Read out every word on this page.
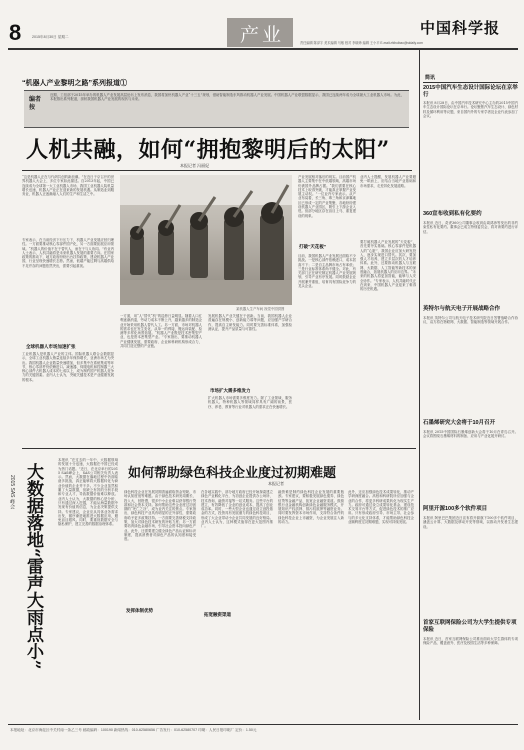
8	2015年8月30日 星期二	产业	中国科学报
责任编辑 陈泽宇 美术编辑 马敏 校对 李晓珍 编辑 王小平 E-mail:zhihuibao@stdaily.com
“机器人产业黎明之路”系列报道①
编者按
近期，工信部于2015年举办的机器人产业发展高层论坛上发布消息，我国将加快机器人产业“十三五”规划，借助智能制造东风推动机器人产业发展。中国机器人产业联盟数据显示，我国已连续两年成为全球最大工业机器人市场。为此，本报推出系列报道，剖析我国机器人产业发展的现状与未来。
人机共融，如何“拥抱黎明后的太阳”
本报记者 冯丽妃
“这是机器人正在与代码共创的新浪潮。”在近日于京召开的世界机器人大会上，多位专家如此描述。自2013年起，中国已连续成为全球第一大工业机器人市场，我国工业机器人装机量增长迅速，机器人产业正在迎来新的发展机遇。从制造业到服务业，机器人正逐渐融入人们的生产和生活之中。
专家表示，在当前经济下行压力下，机器人产业发展应回归理性。一方面要推动核心零部件国产化，另一方面要拓展应用领域。“机器人的价值不在于替代人，而在于与人协同。”有业内人士表示，人机共融将是未来机器人发展的重要方向。在国家政策的推动下，地方政府纷纷出台扶持政策，建设机器人产业园，行业呈现快速增长态势。然而，低端产能过剩与高端供给不足并存的问题依然突出，需要引起重视。
全球机器人市场加速扩张
工业机器人是机器人产业的主体。国际机器人联合会数据显示，全球工业机器人销量连续多年保持增长，亚洲市场尤为突出。我国机器人企业数量快速增加，但多集中在系统集成等环节，核心零部件仍依赖进口。减速器、伺服电机和控制器三大核心部件占机器人成本的七成以上，成为制约国产机器人竞争力的关键因素。业内人士认为，突破关键技术是产业健康发展的根本。
某机器人生产车间 视觉中国供图
一方面，用“人”替代“机”的趋势日益明显。随着人口红利逐渐消退，劳动力成本不断上升，越来越多的制造企业开始采用机器人替代人工。另一方面，市场对机器人的需求也在发生变化，从单一的焊接、搬运向装配、检测等多样化场景拓展。“机器人产业既是技术密集型产业，也是资本密集型产业。”专家指出，要推动机器人产业健康发展，需要政府、企业和科研机构形成合力，共同打造完整的产业链。
发展机器人产业关键在于创新。当前，我国机器人企业普遍存在规模小、创新能力弱等问题，应加强产学研合作，提高自主研发能力。同时要完善标准体系，加强检测认证，提升产品质量与可靠性。
市场扩大需多维发力
扩大机器人市场需要多维度发力。除了工业领域，服务机器人、特种机器人等领域同样具有广阔的前景，医疗、养老、教育等行业对机器人的需求正在快速增长。
产业发展相对落后的现实。目前国产机器人主要集中在中低端领域，高端市场仍被国外品牌占据。“我们需要在核心技术上取得突破，才能真正掌握产业发展主动权。”一位业内专家表示。从产业布局看，长三角、珠三角和京津冀地区已形成一定的产业集聚，各地纷纷建设机器人产业园区，吸引上下游企业入驻。但部分地区存在盲目上马、重复建设的现象。
业内人士提醒，发展机器人产业要避免一哄而上，应结合当地产业基础和市场需求，走差异化发展道路。
打破“天花板”
要打破机器人产业发展的“天花板”，首先要夯实基础。核心零部件是机器人的“心脏”，我国企业应加大研发投入，逐步实现进口替代。其次，要加强人才培养，建立多层次的人才培养体系。此外，还要推动机器人与互联网、大数据、人工智能等新技术的深度融合，拓展机器人的应用边界。“未来的机器人将更加智能，能够与人安全协作。”专家表示，人机共融时代正在到来，中国机器人产业迎来了难得的历史机遇。
目前，我国机器人产业发展还面临不少挑战。一是核心部件依赖进口，成本居高不下；二是自主品牌市场占有率低；三是行业标准体系尚不健全。对此，有关部门正在研究制定机器人产业发展规划，引导产业有序发展。同时鼓励企业开展兼并重组，培育具有国际竞争力的龙头企业。
大数据落地“雷声大雨点小”
2015 SAS 峰会
本报讯 “在过去的一年中，大数据领域的发展十分迅速，大数据在中国已经成为热门话题。”近日，在北京举行的2015 SAS峰会上，SAS公司相关负责人表示。然而，大数据在落地过程中仍面临诸多挑战，真正能够将大数据转化为商业价值的企业并不多。不少企业虽然积累了大量数据，但缺乏有效的分析手段和专业人才，导致数据价值难以释放。业内人士认为，大数据的核心是分析，只有通过深入挖掘，才能从海量数据中发现有价值的信息，为企业决策提供支持。专家建议，企业应从具体业务需求出发，循序渐进地推进大数据应用，避免盲目跟风。同时，要重视数据安全与隐私保护，建立完善的数据治理体系。
如何帮助绿色科技企业度过初期难题
本报记者
绿色科技企业在发展初期普遍面临资金短缺、市场认知度低等难题。由于绿色技术研发周期长、投入大，回报慢，很多中小企业难以获得银行贷款和社会资本支持。如何帮助这些企业度过初创期的“死亡之谷”，成为业内关注的焦点。专家指出，绿色科技产业具有明显的正外部性，需要政府给予更多政策扶持。一方面要完善财税支持政策，加大对绿色技术研发的补贴力度；另一方面要培育绿色金融市场，引导社会资本投向绿色产业。此外，还需要建立健全绿色产品认证和标识制度，提高消费者对绿色产品的认知度和接受度。
发挥体制优势
在各地实践中，部分地方政府已经开始探索建立绿色产业孵化平台，为初创企业提供办公场所、技术咨询、融资对接等一站式服务。这些平台的建立，有效降低了企业的创业成本，提高了创业成功率。同时，一些大型企业也通过设立创投基金的方式，投资具有发展潜力的绿色科技项目，形成了大企业带动小企业共同发展的良好格局。业内人士认为，这种模式值得在更大范围内推广。
拓宽融资渠道
融资难是制约绿色科技企业发展的重要瓶颈。专家建议，要积极发展绿色债券、绿色信贷等金融产品，拓宽企业融资渠道。鼓励银行业金融机构创新绿色金融服务模式，开展知识产权质押、排污权抵押等融资业务。同时要发挥资本市场作用，支持符合条件的绿色科技企业上市融资，为企业发展注入新的动力。
此外，还应加强绿色技术成果转化，推动产学研深度融合。高校和科研院所应加强与企业的合作，将更多科研成果转化为现实生产力。政府可通过设立成果转化基金、建设技术交易平台等方式，促进绿色技术的推广应用。只有形成政府引导、市场主导、社会参与的多元化支持体系，才能帮助绿色科技企业顺利度过初期难题，实现可持续发展。
简讯
2015中国汽车生态设计国际论坛在京举行
本报讯 8月28日，由中国汽车技术研究中心主办的2015中国汽车生态设计国际论坛在京举行。论坛聚焦汽车生态设计、绿色材料及循环利用等议题，来自国内外的专家学者及企业代表参加了会议。
360宣布收到私有化要约
本报讯 近日，奇虎360公司董事会收到由周鸿祎等发出的非约束性私有化要约。董事会已成立特别委员会，将对该要约进行评估。
英特尔与航天电子开展战略合作
本报讯 英特尔公司与航天电子技术研究院近日签署战略合作协议，双方将在物联网、大数据、智能制造等领域开展合作。
石墨烯研究大会将于10月召开
本报讯 2015中国国际石墨烯创新大会将于10月在青岛召开。会议将围绕石墨烯材料的制备、应用与产业化展开研讨。
阿里开源100多个软件项目
本报讯 阿里巴巴集团近日宣布将开源旗下100多个软件项目，涵盖云计算、大数据及移动开发等领域，以推动开发者生态建设。
首家互联网保险公司为大学生提供专项保险
本报讯 近日，首家互联网保险公司推出面向大学生群体的专项保险产品，覆盖意外、医疗及校园生活等多种保障。
本报地址：北京市海淀区中关村南一条乙三号 邮政编码：100190 新闻热线：010-62580656 广告发行：010-62580707 印刷：人民日报印刷厂 定价：1.50元
